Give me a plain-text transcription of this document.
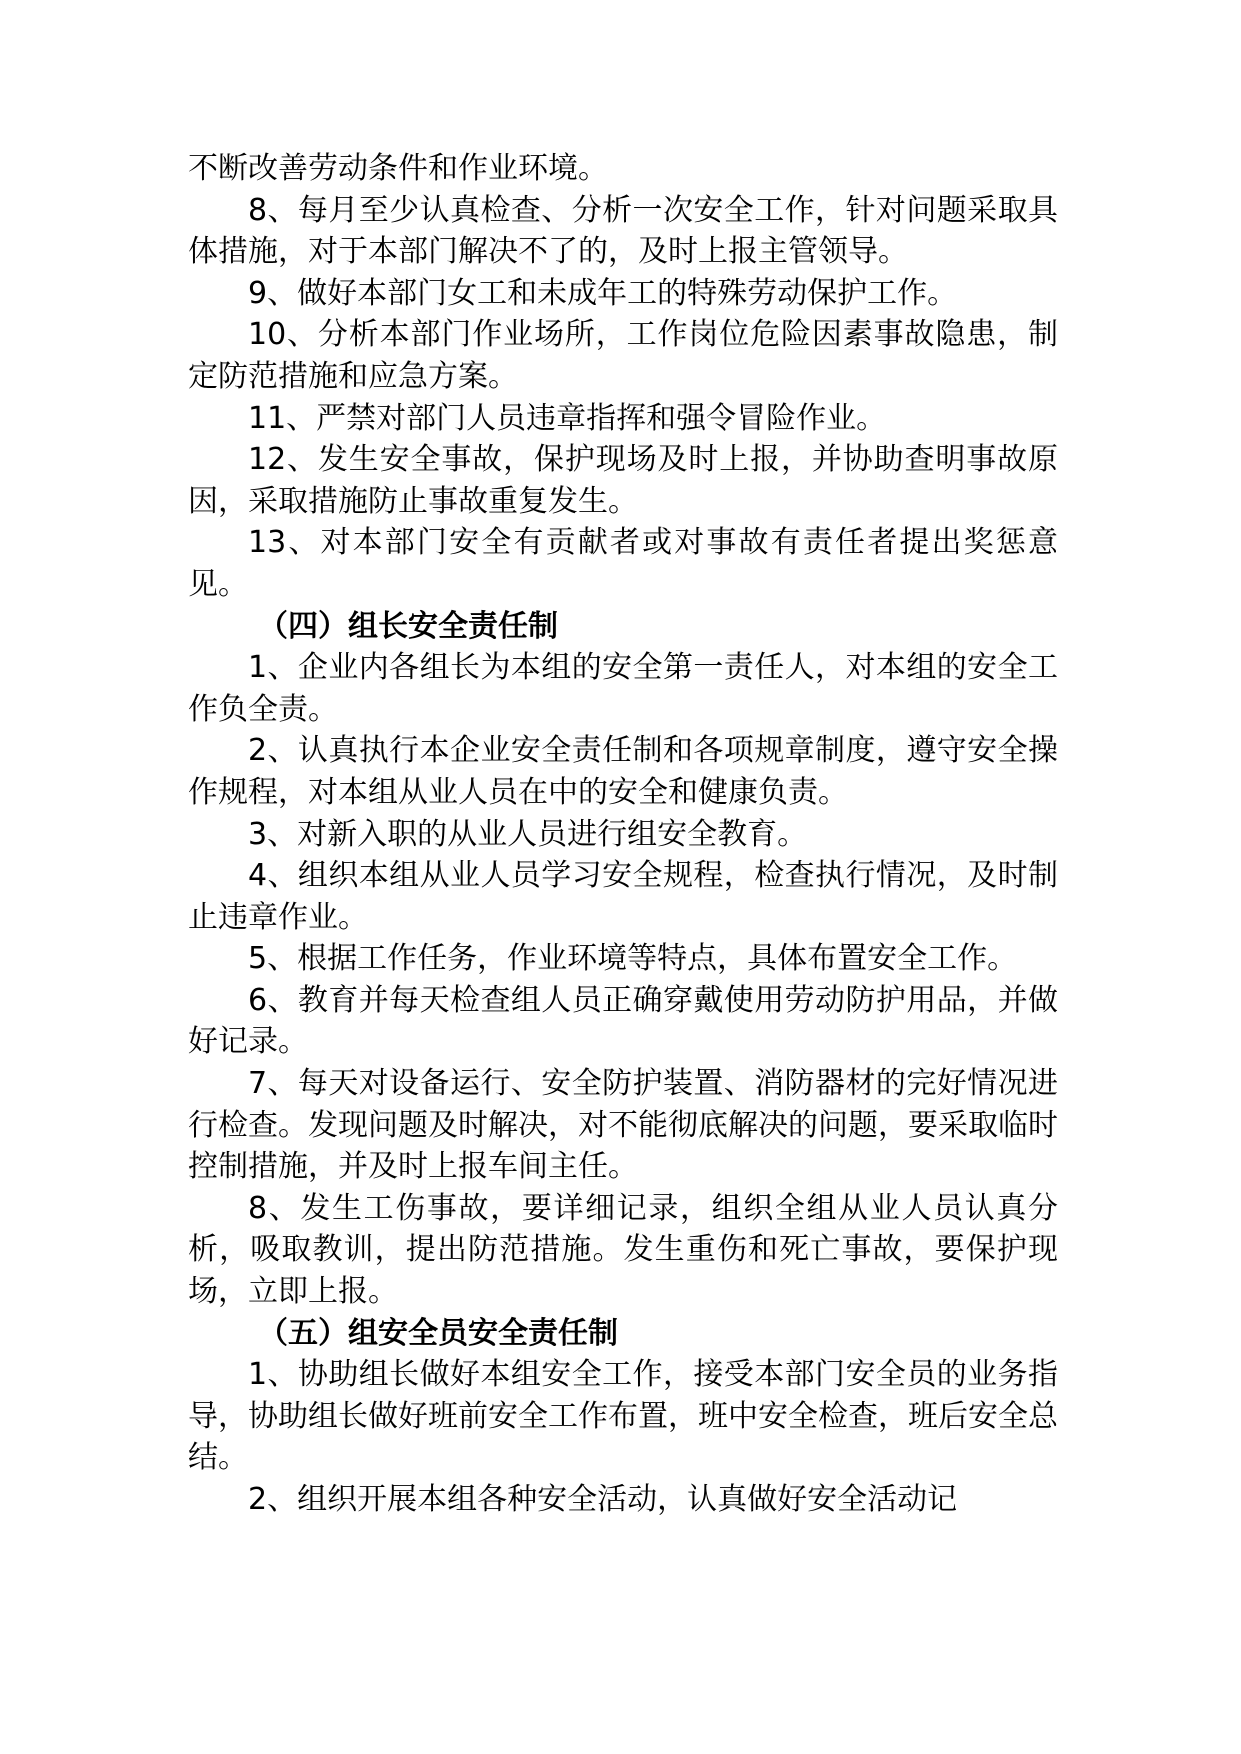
不断改善劳动条件和作业环境。

8、每月至少认真检查、分析一次安全工作，针对问题采取具体措施，对于本部门解决不了的，及时上报主管领导。

9、做好本部门女工和未成年工的特殊劳动保护工作。

10、分析本部门作业场所，工作岗位危险因素事故隐患，制定防范措施和应急方案。

11、严禁对部门人员违章指挥和强令冒险作业。

12、发生安全事故，保护现场及时上报，并协助查明事故原因，采取措施防止事故重复发生。

13、对本部门安全有贡献者或对事故有责任者提出奖惩意见。

（四）组长安全责任制

1、企业内各组长为本组的安全第一责任人，对本组的安全工作负全责。

2、认真执行本企业安全责任制和各项规章制度，遵守安全操作规程，对本组从业人员在中的安全和健康负责。

3、对新入职的从业人员进行组安全教育。

4、组织本组从业人员学习安全规程，检查执行情况，及时制止违章作业。

5、根据工作任务，作业环境等特点，具体布置安全工作。

6、教育并每天检查组人员正确穿戴使用劳动防护用品，并做好记录。

7、每天对设备运行、安全防护装置、消防器材的完好情况进行检查。发现问题及时解决，对不能彻底解决的问题，要采取临时控制措施，并及时上报车间主任。

8、发生工伤事故，要详细记录，组织全组从业人员认真分析，吸取教训，提出防范措施。发生重伤和死亡事故，要保护现场，立即上报。

（五）组安全员安全责任制

1、协助组长做好本组安全工作，接受本部门安全员的业务指导，协助组长做好班前安全工作布置，班中安全检查，班后安全总结。

2、组织开展本组各种安全活动，认真做好安全活动记
